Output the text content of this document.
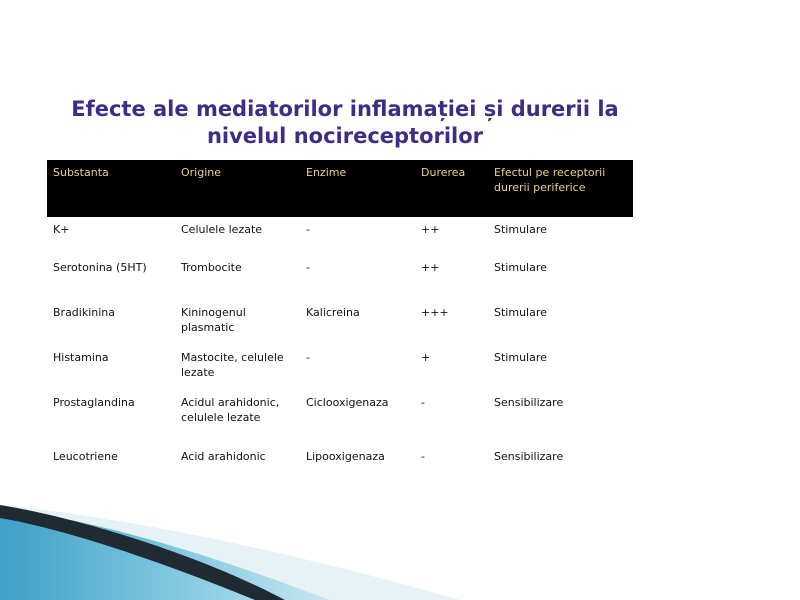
Efecte ale mediatorilor inflamației și durerii la
nivelul nocireceptorilor
Substanta	Origine	Enzime	Durerea	Efectul pe receptorii durerii periferice
K+	Celulele lezate	-	++	Stimulare
Serotonina (5HT)	Trombocite	-	++	Stimulare
Bradikinina	Kininogenul plasmatic	Kalicreina	+++	Stimulare
Histamina	Mastocite, celulele lezate	-	+	Stimulare
Prostaglandina	Acidul arahidonic, celulele lezate	Ciclooxigenaza	-	Sensibilizare
Leucotriene	Acid arahidonic	Lipooxigenaza	-	Sensibilizare
